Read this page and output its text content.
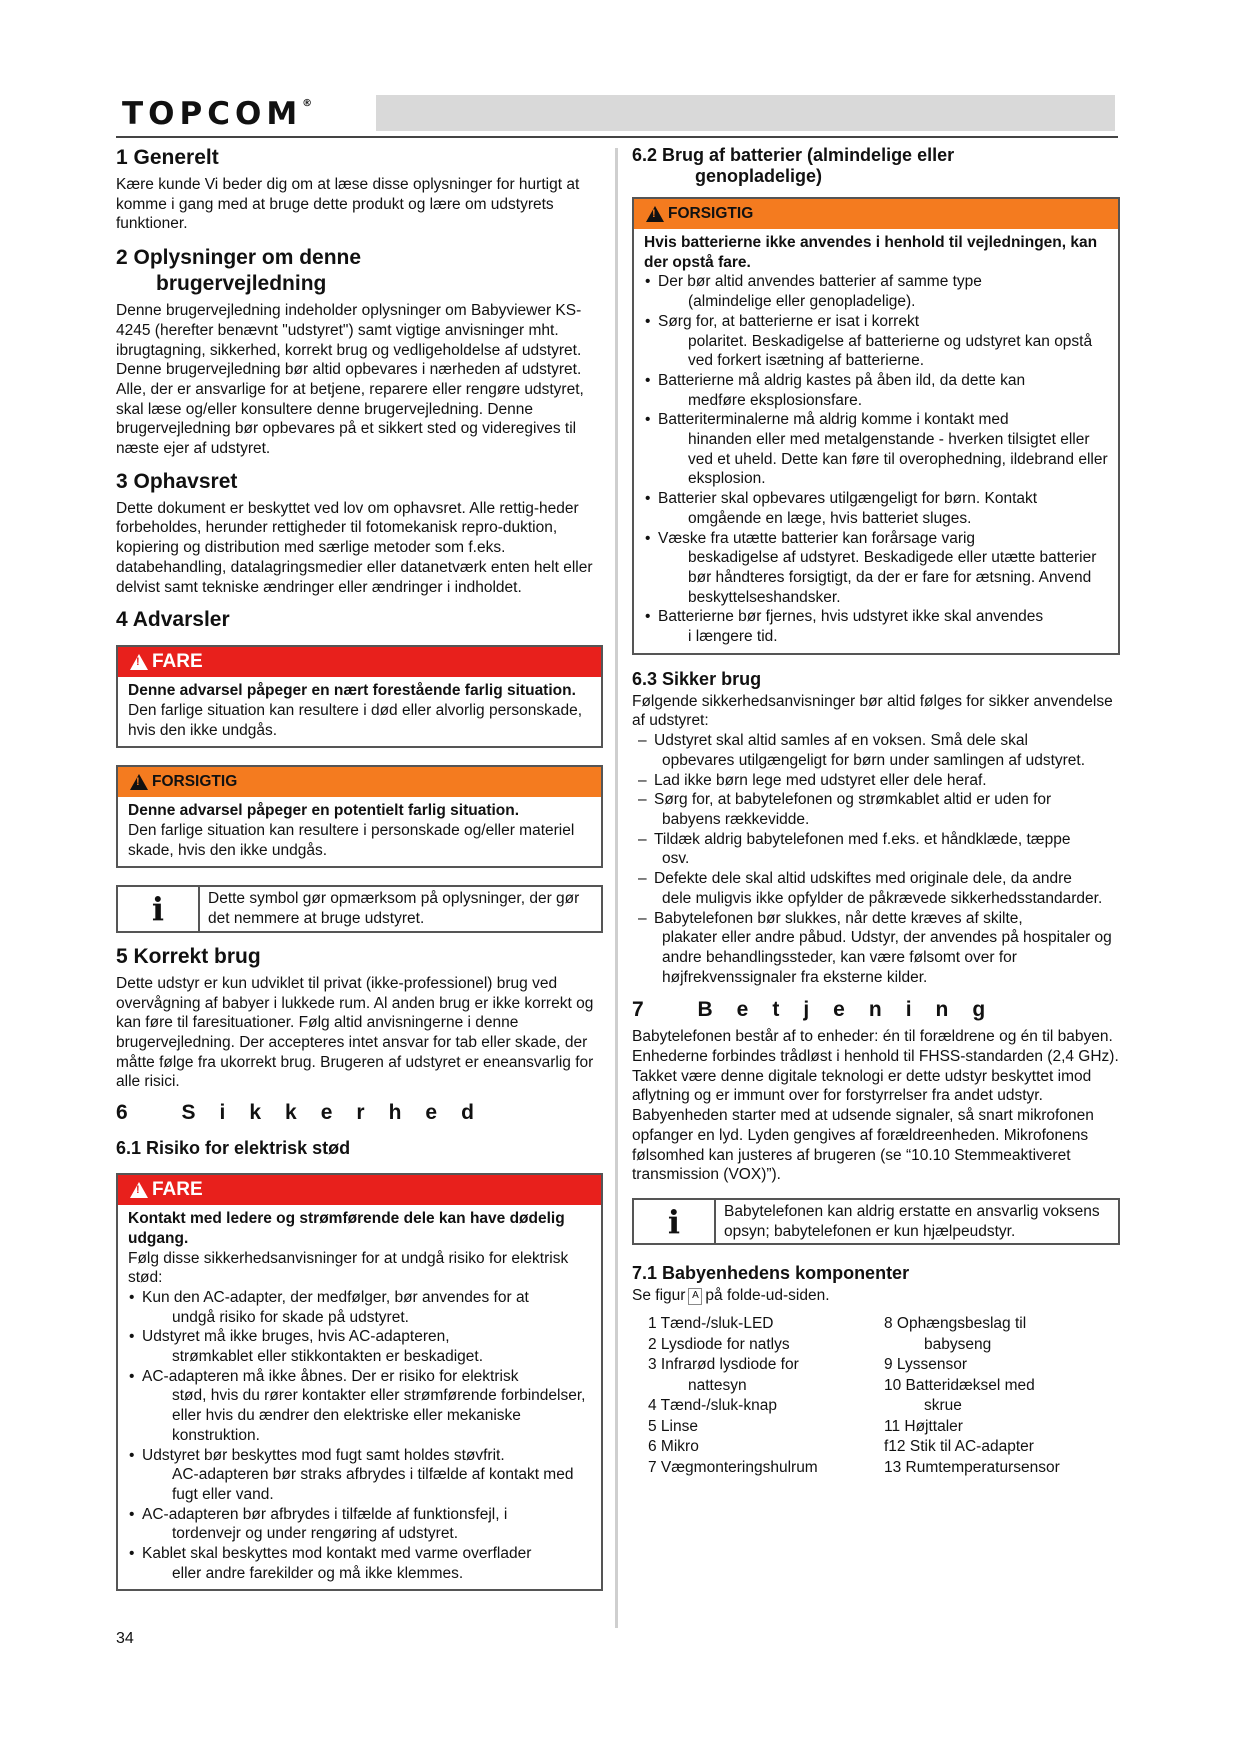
TOPCOM®
1 Generelt

Kære kunde Vi beder dig om at læse disse oplysninger for hurtigt at komme i gang med at bruge dette produkt og lære om udstyrets funktioner.

2 Oplysninger om denne
brugervejledning

Denne brugervejledning indeholder oplysninger om Babyviewer KS-4245 (herefter benævnt "udstyret") samt vigtige anvisninger mht. ibrugtagning, sikkerhed, korrekt brug og vedligeholdelse af udstyret. Denne brugervejledning bør altid opbevares i nærheden af udstyret. Alle, der er ansvarlige for at betjene, reparere eller rengøre udstyret, skal læse og/eller konsultere denne brugervejledning. Denne brugervejledning bør opbevares på et sikkert sted og videregives til næste ejer af udstyret.

3 Ophavsret

Dette dokument er beskyttet ved lov om ophavsret. Alle rettig-heder forbeholdes, herunder rettigheder til fotomekanisk repro-duktion, kopiering og distribution med særlige metoder som f.eks. databehandling, datalagringsmedier eller datanetværk enten helt eller delvist samt tekniske ændringer eller ændringer i indholdet.

4 Advarsler
!
FARE
Denne advarsel påpeger en nært forestående farlig situation.
Den farlige situation kan resultere i død eller alvorlig personskade, hvis den ikke undgås.
!
FORSIGTIG
Denne advarsel påpeger en potentielt farlig situation.
Den farlige situation kan resultere i personskade og/eller materiel skade, hvis den ikke undgås.
i	Dette symbol gør opmærksom på oplysninger, der gør det nemmere at bruge udstyret.
5 Korrekt brug

Dette udstyr er kun udviklet til privat (ikke-professionel) brug ved overvågning af babyer i lukkede rum. Al anden brug er ikke korrekt og kan føre til faresituationer. Følg altid anvisningerne i denne brugervejledning. Der accepteres intet ansvar for tab eller skade, der måtte følge fra ukorrekt brug. Brugeren af udstyret er eneansvarlig for alle risici.

6 Sikkerhed
6.1 Risiko for elektrisk stød
!
FARE
Kontakt med ledere og strømførende dele kan have dødelig udgang.
Følg disse sikkerhedsanvisninger for at undgå risiko for elektrisk stød:
• Kun den AC-adapter, der medfølger, bør anvendes for at
undgå risiko for skade på udstyret.
• Udstyret må ikke bruges, hvis AC-adapteren,
strømkablet eller stikkontakten er beskadiget.
• AC-adapteren må ikke åbnes. Der er risiko for elektrisk
stød, hvis du rører kontakter eller strømførende forbindelser, eller hvis du ændrer den elektriske eller mekaniske konstruktion.
• Udstyret bør beskyttes mod fugt samt holdes støvfrit.
AC-adapteren bør straks afbrydes i tilfælde af kontakt med fugt eller vand.
• AC-adapteren bør afbrydes i tilfælde af funktionsfejl, i
tordenvejr og under rengøring af udstyret.
• Kablet skal beskyttes mod kontakt med varme overflader
eller andre farekilder og må ikke klemmes.
6.2 Brug af batterier (almindelige eller
genopladelige)
!
FORSIGTIG
Hvis batterierne ikke anvendes i henhold til vejledningen, kan der opstå fare.
• Der bør altid anvendes batterier af samme type
(almindelige eller genopladelige).
• Sørg for, at batterierne er isat i korrekt
polaritet. Beskadigelse af batterierne og udstyret kan opstå ved forkert isætning af batterierne.
• Batterierne må aldrig kastes på åben ild, da dette kan
medføre eksplosionsfare.
• Batteriterminalerne må aldrig komme i kontakt med
hinanden eller med metalgenstande - hverken tilsigtet eller ved et uheld. Dette kan føre til overophedning, ildebrand eller eksplosion.
• Batterier skal opbevares utilgængeligt for børn. Kontakt
omgående en læge, hvis batteriet sluges.
• Væske fra utætte batterier kan forårsage varig
beskadigelse af udstyret. Beskadigede eller utætte batterier bør håndteres forsigtigt, da der er fare for ætsning. Anvend beskyttelseshandsker.
• Batterierne bør fjernes, hvis udstyret ikke skal anvendes
i længere tid.
6.3 Sikker brug

Følgende sikkerhedsanvisninger bør altid følges for sikker anvendelse af udstyret:

– Udstyret skal altid samles af en voksen. Små dele skal
opbevares utilgængeligt for børn under samlingen af udstyret.
– Lad ikke børn lege med udstyret eller dele heraf.
– Sørg for, at babytelefonen og strømkablet altid er uden for
babyens rækkevidde.
– Tildæk aldrig babytelefonen med f.eks. et håndklæde, tæppe
osv.
– Defekte dele skal altid udskiftes med originale dele, da andre
dele muligvis ikke opfylder de påkrævede sikkerhedsstandarder.
– Babytelefonen bør slukkes, når dette kræves af skilte,
plakater eller andre påbud. Udstyr, der anvendes på hospitaler og andre behandlingssteder, kan være følsomt over for højfrekvenssignaler fra eksterne kilder.
7 Betjening

Babytelefonen består af to enheder: én til forældrene og én til babyen. Enhederne forbindes trådløst i henhold til FHSS-standarden (2,4 GHz).

Takket være denne digitale teknologi er dette udstyr beskyttet imod aflytning og er immunt over for forstyrrelser fra andet udstyr. Babyenheden starter med at udsende signaler, så snart mikrofonen opfanger en lyd. Lyden gengives af forældreenheden. Mikrofonens følsomhed kan justeres af brugeren (se “10.10 Stemmeaktiveret transmission (VOX)”).

i	Babytelefonen kan aldrig erstatte en ansvarlig voksens opsyn; babytelefonen er kun hjælpeudstyr.
7.1 Babyenhedens komponenter

Se figur A på folde-ud-siden.

1 Tænd-/sluk-LED
2 Lysdiode for natlys
3 Infrarød lysdiode for
nattesyn
4 Tænd-/sluk-knap
5 Linse
6 Mikro
7 Vægmonteringshulrum
8 Ophængsbeslag til
babyseng
9 Lyssensor
10 Batteridæksel med
skrue
11 Højttaler
f12 Stik til AC-adapter
13 Rumtemperatursensor
34
